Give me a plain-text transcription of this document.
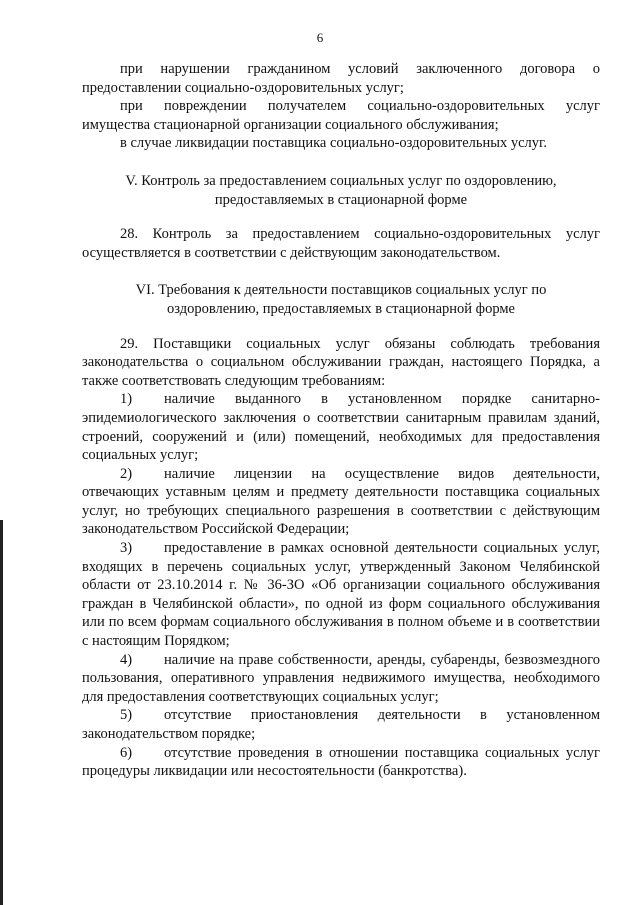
6

при нарушении гражданином условий заключенного договора о предоставлении социально-оздоровительных услуг;

при повреждении получателем социально-оздоровительных услуг имущества стационарной организации социального обслуживания;

в случае ликвидации поставщика социально-оздоровительных услуг.

V. Контроль за предоставлением социальных услуг по оздоровлению, предоставляемых в стационарной форме

28. Контроль за предоставлением социально-оздоровительных услуг осуществляется в соответствии с действующим законодательством.

VI. Требования к деятельности поставщиков социальных услуг по оздоровлению, предоставляемых в стационарной форме

29. Поставщики социальных услуг обязаны соблюдать требования законодательства о социальном обслуживании граждан, настоящего Порядка, а также соответствовать следующим требованиям:

1) наличие выданного в установленном порядке санитарно-эпидемиологического заключения о соответствии санитарным правилам зданий, строений, сооружений и (или) помещений, необходимых для предоставления социальных услуг;

2) наличие лицензии на осуществление видов деятельности, отвечающих уставным целям и предмету деятельности поставщика социальных услуг, но требующих специального разрешения в соответствии с действующим законодательством Российской Федерации;

3) предоставление в рамках основной деятельности социальных услуг, входящих в перечень социальных услуг, утвержденный Законом Челябинской области от 23.10.2014 г. № 36-ЗО «Об организации социального обслуживания граждан в Челябинской области», по одной из форм социального обслуживания или по всем формам социального обслуживания в полном объеме и в соответствии с настоящим Порядком;

4) наличие на праве собственности, аренды, субаренды, безвозмездного пользования, оперативного управления недвижимого имущества, необходимого для предоставления соответствующих социальных услуг;

5) отсутствие приостановления деятельности в установленном законодательством порядке;

6) отсутствие проведения в отношении поставщика социальных услуг процедуры ликвидации или несостоятельности (банкротства).
